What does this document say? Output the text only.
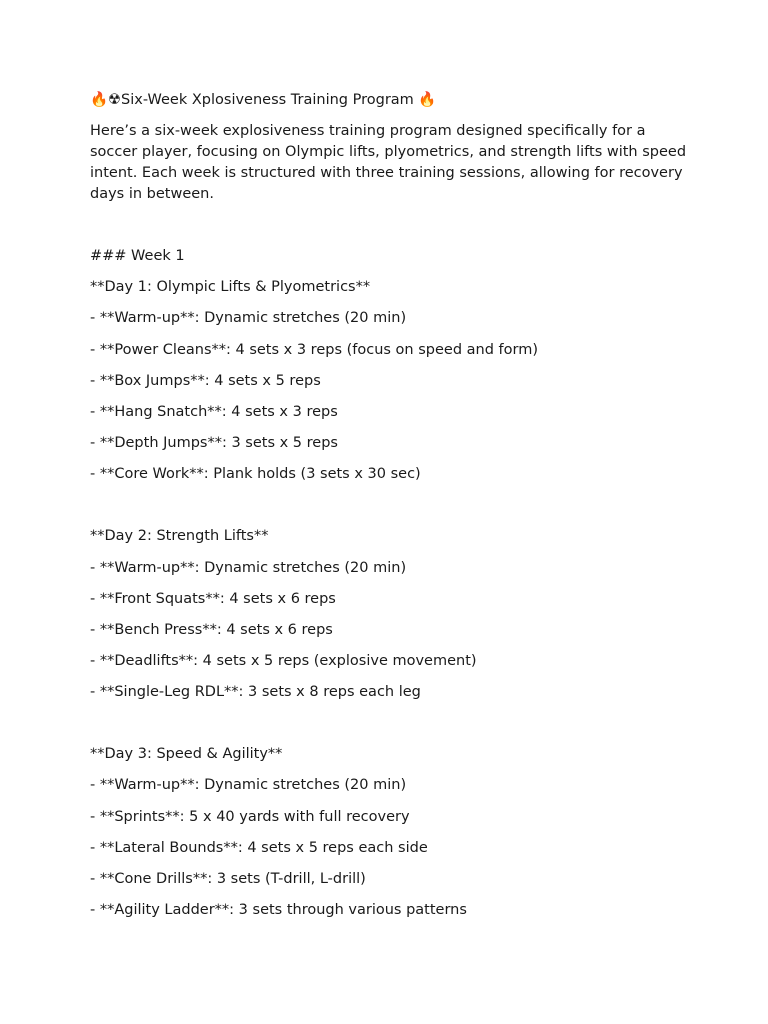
🔥☢Six-Week Xplosiveness Training Program 🔥

Here’s a six-week explosiveness training program designed specifically for a soccer player, focusing on Olympic lifts, plyometrics, and strength lifts with speed intent. Each week is structured with three training sessions, allowing for recovery days in between.

### Week 1

**Day 1: Olympic Lifts & Plyometrics**

- **Warm-up**: Dynamic stretches (20 min)

- **Power Cleans**: 4 sets x 3 reps (focus on speed and form)

- **Box Jumps**: 4 sets x 5 reps

- **Hang Snatch**: 4 sets x 3 reps

- **Depth Jumps**: 3 sets x 5 reps

- **Core Work**: Plank holds (3 sets x 30 sec)

**Day 2: Strength Lifts**

- **Warm-up**: Dynamic stretches (20 min)

- **Front Squats**: 4 sets x 6 reps

- **Bench Press**: 4 sets x 6 reps

- **Deadlifts**: 4 sets x 5 reps (explosive movement)

- **Single-Leg RDL**: 3 sets x 8 reps each leg

**Day 3: Speed & Agility**

- **Warm-up**: Dynamic stretches (20 min)

- **Sprints**: 5 x 40 yards with full recovery

- **Lateral Bounds**: 4 sets x 5 reps each side

- **Cone Drills**: 3 sets (T-drill, L-drill)

- **Agility Ladder**: 3 sets through various patterns
